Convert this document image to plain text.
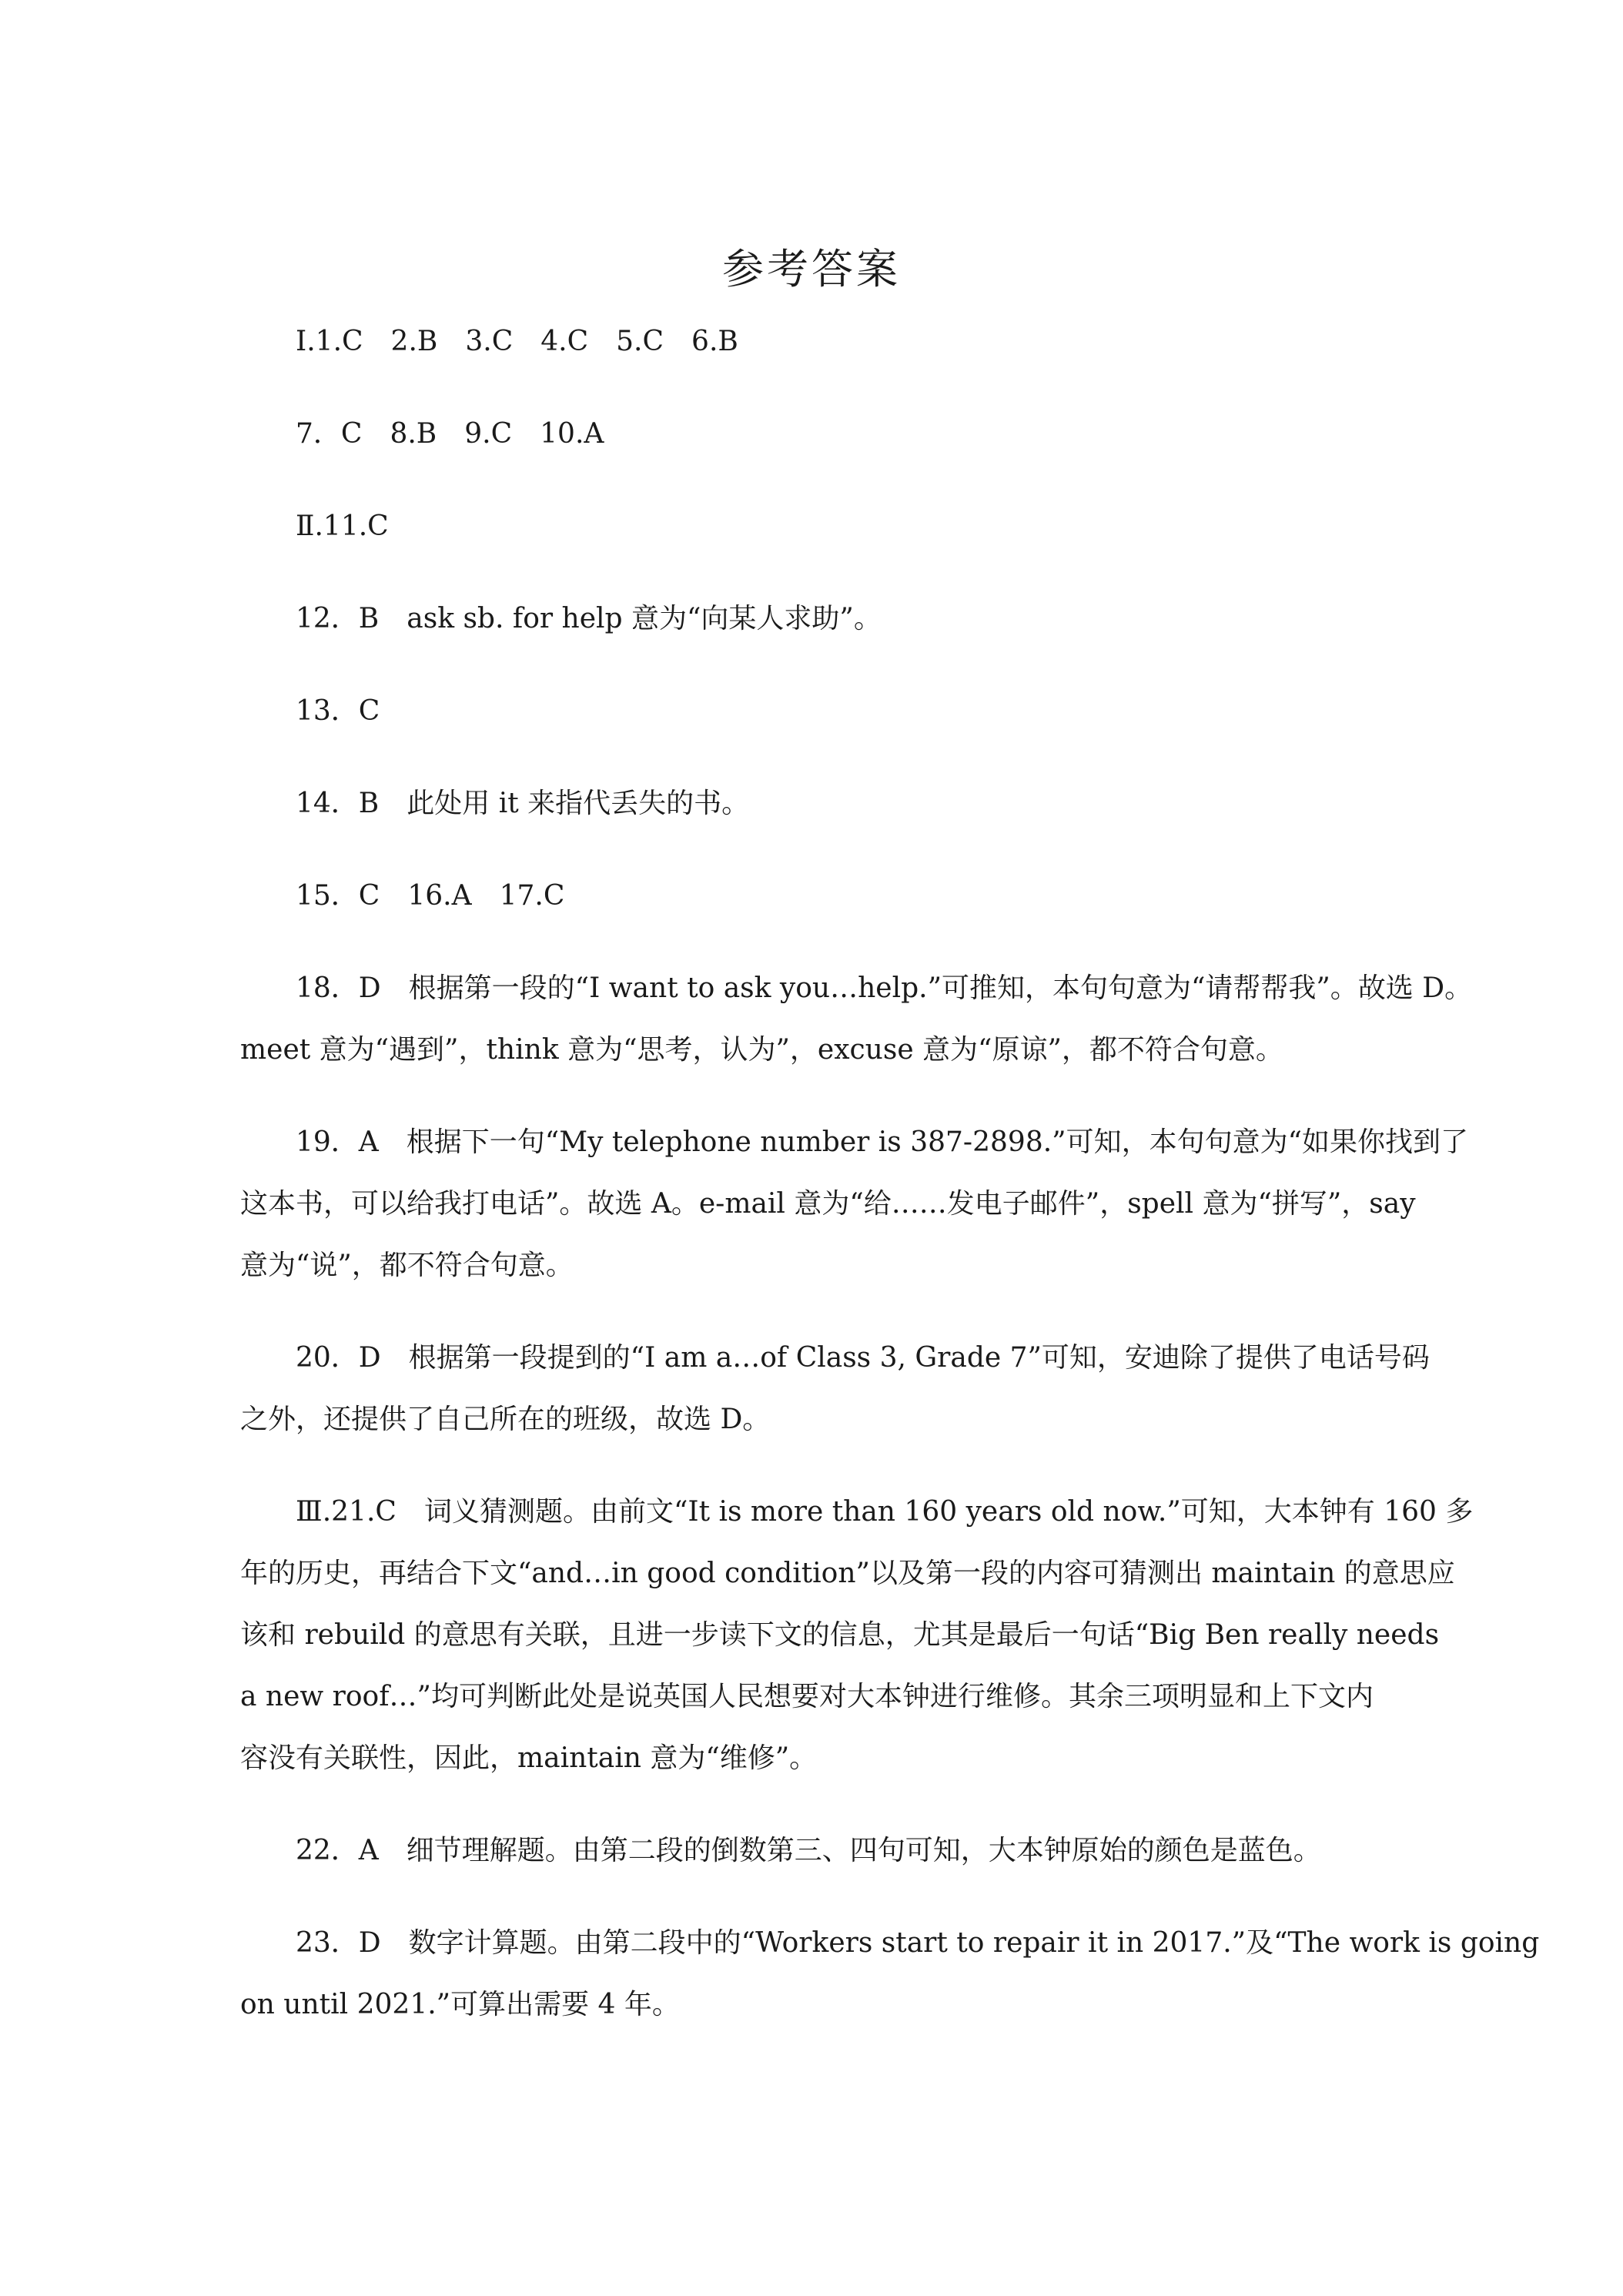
参考答案
Ⅰ.1.C　2.B　3.C　4.C　5.C　6.B
7．C　8.B　9.C　10.A
Ⅱ.11.C
12．B　ask sb. for help 意为“向某人求助”。
13．C
14．B　此处用 it 来指代丢失的书。
15．C　16.A　17.C
18．D　根据第一段的“I want to ask you…help.”可推知，本句句意为“请帮帮我”。故选 D。
meet 意为“遇到”，think 意为“思考，认为”，excuse 意为“原谅”，都不符合句意。
19．A　根据下一句“My telephone number is 387-2898.”可知，本句句意为“如果你找到了
这本书，可以给我打电话”。故选 A。e-mail 意为“给……发电子邮件”，spell 意为“拼写”，say
意为“说”，都不符合句意。
20．D　根据第一段提到的“I am a…of Class 3, Grade 7”可知，安迪除了提供了电话号码
之外，还提供了自己所在的班级，故选 D。
Ⅲ.21.C　词义猜测题。由前文“It is more than 160 years old now.”可知，大本钟有 160 多
年的历史，再结合下文“and…in good condition”以及第一段的内容可猜测出 maintain 的意思应
该和 rebuild 的意思有关联，且进一步读下文的信息，尤其是最后一句话“Big Ben really needs
a new roof…”均可判断此处是说英国人民想要对大本钟进行维修。其余三项明显和上下文内
容没有关联性，因此，maintain 意为“维修”。
22．A　细节理解题。由第二段的倒数第三、四句可知，大本钟原始的颜色是蓝色。
23．D　数字计算题。由第二段中的“Workers start to repair it in 2017.”及“The work is going
on until 2021.”可算出需要 4 年。
